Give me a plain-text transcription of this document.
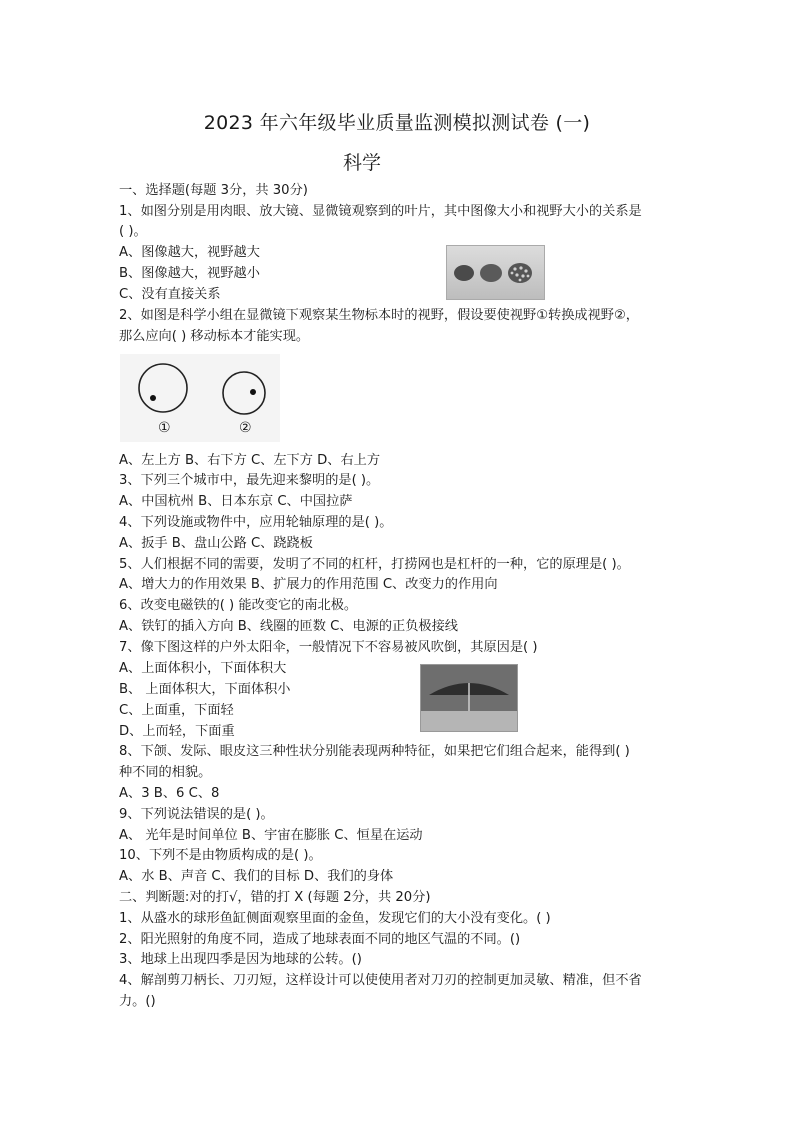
2023 年六年级毕业质量监测模拟测试卷 (一)
科学
一、选择题(每题 3分，共 30分)
1、如图分别是用肉眼、放大镜、显微镜观察到的叶片，其中图像大小和视野大小的关系是
( )。
A、图像越大，视野越大
B、图像越大，视野越小
C、没有直接关系
2、如图是科学小组在显微镜下观察某生物标本时的视野，假设要使视野①转换成视野②，
那么应向( ) 移动标本才能实现。
①	②
A、左上方 B、右下方 C、左下方 D、右上方
3、下列三个城市中，最先迎来黎明的是( )。
A、中国杭州 B、日本东京 C、中国拉萨
4、下列设施或物件中，应用轮轴原理的是( )。
A、扳手 B、盘山公路 C、跷跷板
5、人们根据不同的需要，发明了不同的杠杆，打捞网也是杠杆的一种，它的原理是( )。
A、增大力的作用效果 B、扩展力的作用范围 C、改变力的作用向
6、改变电磁铁的( ) 能改变它的南北极。
A、铁钉的插入方向 B、线圈的匝数 C、电源的正负极接线
7、像下图这样的户外太阳伞，一般情况下不容易被风吹倒，其原因是( )
A、上面体积小，下面体积大
B、 上面体积大，下面体积小
C、上面重，下面轻
D、上而轻，下面重
8、下颌、发际、眼皮这三种性状分别能表现两种特征，如果把它们组合起来，能得到( )
种不同的相貌。
A、3 B、6 C、8
9、下列说法错误的是( )。
A、 光年是时间单位 B、宇宙在膨胀 C、恒星在运动
10、下列不是由物质构成的是( )。
A、水 B、声音 C、我们的目标 D、我们的身体
二、判断题:对的打√，错的打 X (每题 2分，共 20分)
1、从盛水的球形鱼缸侧面观察里面的金鱼，发现它们的大小没有变化。( )
2、阳光照射的角度不同，造成了地球表面不同的地区气温的不同。()
3、地球上出现四季是因为地球的公转。()
4、解剖剪刀柄长、刀刃短，这样设计可以使使用者对刀刃的控制更加灵敏、精准，但不省
力。()
